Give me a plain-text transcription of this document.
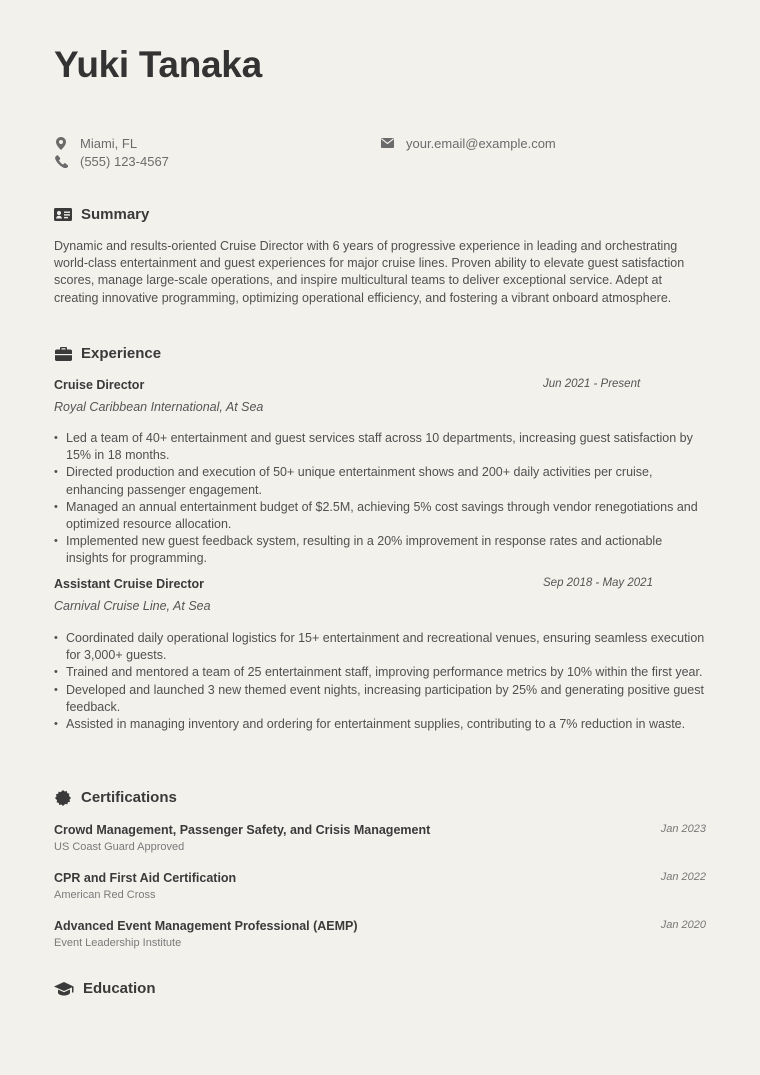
Yuki Tanaka
Miami, FL
(555) 123-4567
your.email@example.com
Summary

Dynamic and results-oriented Cruise Director with 6 years of progressive experience in leading and orchestrating world-class entertainment and guest experiences for major cruise lines. Proven ability to elevate guest satisfaction scores, manage large-scale operations, and inspire multicultural teams to deliver exceptional service. Adept at creating innovative programming, optimizing operational efficiency, and fostering a vibrant onboard atmosphere.

Experience
Cruise Director	Jun 2021 - Present
Royal Caribbean International, At Sea
• Led a team of 40+ entertainment and guest services staff across 10 departments, increasing guest satisfaction by 15% in 18 months.
• Directed production and execution of 50+ unique entertainment shows and 200+ daily activities per cruise, enhancing passenger engagement.
• Managed an annual entertainment budget of $2.5M, achieving 5% cost savings through vendor renegotiations and optimized resource allocation.
• Implemented new guest feedback system, resulting in a 20% improvement in response rates and actionable insights for programming.
Assistant Cruise Director	Sep 2018 - May 2021
Carnival Cruise Line, At Sea
• Coordinated daily operational logistics for 15+ entertainment and recreational venues, ensuring seamless execution for 3,000+ guests.
• Trained and mentored a team of 25 entertainment staff, improving performance metrics by 10% within the first year.
• Developed and launched 3 new themed event nights, increasing participation by 25% and generating positive guest feedback.
• Assisted in managing inventory and ordering for entertainment supplies, contributing to a 7% reduction in waste.
Certifications
Crowd Management, Passenger Safety, and Crisis Management	Jan 2023
US Coast Guard Approved
CPR and First Aid Certification	Jan 2022
American Red Cross
Advanced Event Management Professional (AEMP)	Jan 2020
Event Leadership Institute
Education
